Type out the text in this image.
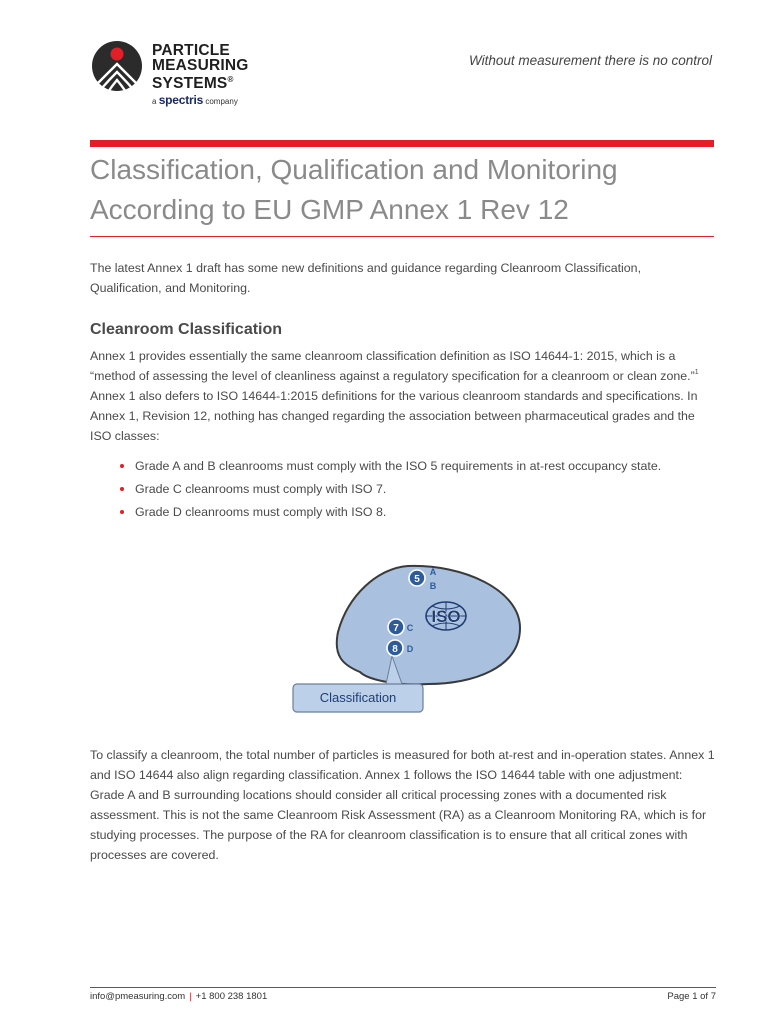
PARTICLE
MEASURING
SYSTEMS®
a spectris company
Without measurement there is no control
Classification, Qualification and Monitoring According to EU GMP Annex 1 Rev 12

The latest Annex 1 draft has some new definitions and guidance regarding Cleanroom Classification, Qualification, and Monitoring.

Cleanroom Classification

Annex 1 provides essentially the same cleanroom classification definition as ISO 14644-1: 2015, which is a “method of assessing the level of cleanliness against a regulatory specification for a cleanroom or clean zone.”$^1$ Annex 1 also defers to ISO 14644-1:2015 definitions for the various cleanroom standards and specifications. In Annex 1, Revision 12, nothing has changed regarding the association between pharmaceutical grades and the ISO classes:

Grade A and B cleanrooms must comply with the ISO 5 requirements in at-rest occupancy state.
Grade C cleanrooms must comply with ISO 7.
Grade D cleanrooms must comply with ISO 8.
Classification
5
A
B
ISO
7 C
8 D

To classify a cleanroom, the total number of particles is measured for both at-rest and in-operation states. Annex 1 and ISO 14644 also align regarding classification. Annex 1 follows the ISO 14644 table with one adjustment: Grade A and B surrounding locations should consider all critical processing zones with a documented risk assessment. This is not the same Cleanroom Risk Assessment (RA) as a Cleanroom Monitoring RA, which is for studying processes. The purpose of the RA for cleanroom classification is to ensure that all critical zones with processes are covered.

info@pmeasuring.com | +1 800 238 1801	Page 1 of 7
